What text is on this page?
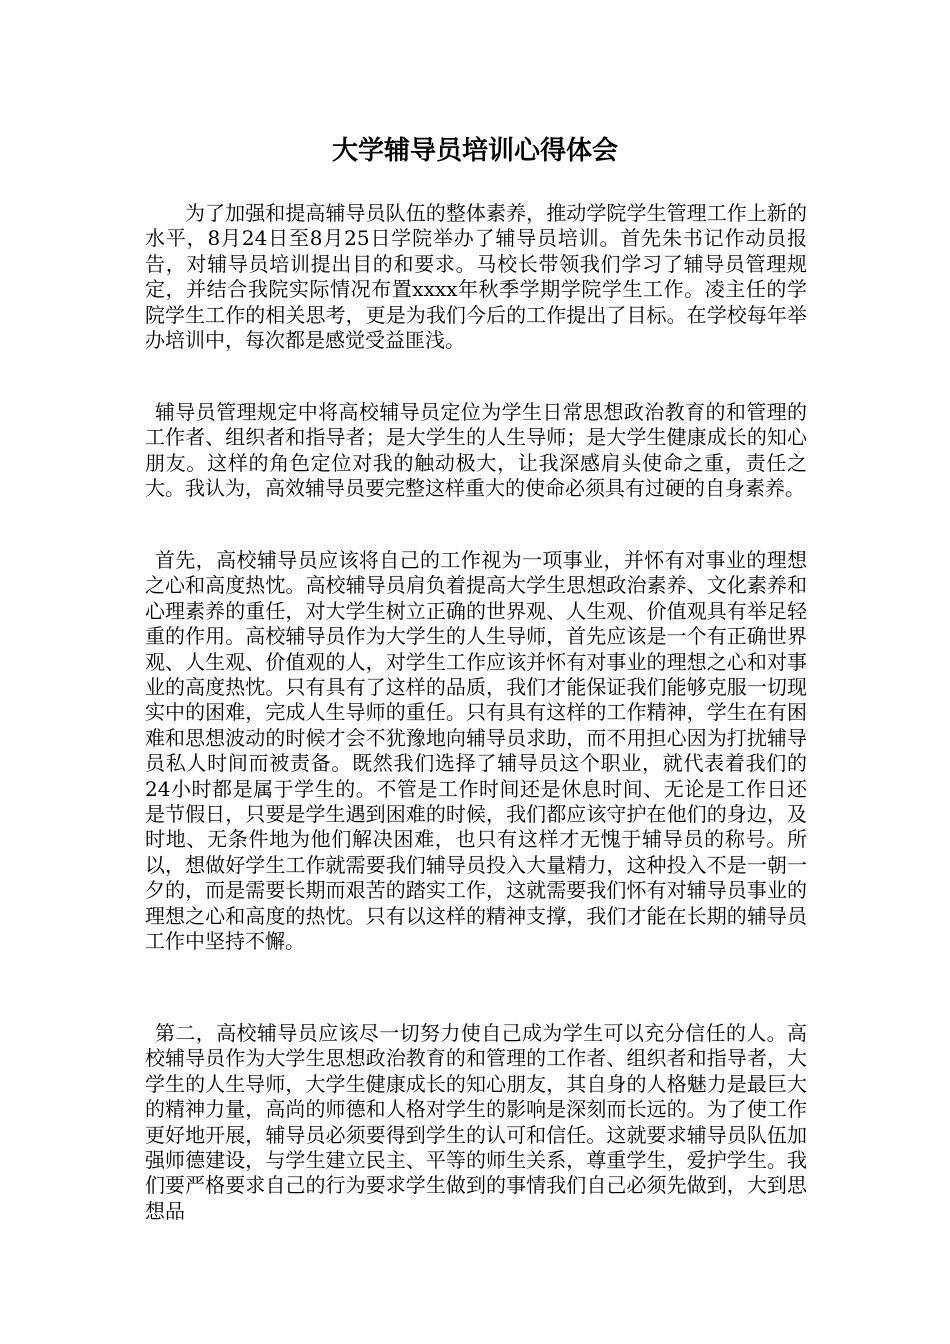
大学辅导员培训心得体会

为了加强和提高辅导员队伍的整体素养，推动学院学生管理工作上新的水平，8月24日至8月25日学院举办了辅导员培训。首先朱书记作动员报告，对辅导员培训提出目的和要求。马校长带领我们学习了辅导员管理规定，并结合我院实际情况布置xxxx年秋季学期学院学生工作。凌主任的学院学生工作的相关思考，更是为我们今后的工作提出了目标。在学校每年举办培训中，每次都是感觉受益匪浅。

辅导员管理规定中将高校辅导员定位为学生日常思想政治教育的和管理的工作者、组织者和指导者；是大学生的人生导师；是大学生健康成长的知心朋友。这样的角色定位对我的触动极大，让我深感肩头使命之重，责任之大。我认为，高效辅导员要完整这样重大的使命必须具有过硬的自身素养。

首先，高校辅导员应该将自己的工作视为一项事业，并怀有对事业的理想之心和高度热忱。高校辅导员肩负着提高大学生思想政治素养、文化素养和心理素养的重任，对大学生树立正确的世界观、人生观、价值观具有举足轻重的作用。高校辅导员作为大学生的人生导师，首先应该是一个有正确世界观、人生观、价值观的人，对学生工作应该并怀有对事业的理想之心和对事业的高度热忱。只有具有了这样的品质，我们才能保证我们能够克服一切现实中的困难，完成人生导师的重任。只有具有这样的工作精神，学生在有困难和思想波动的时候才会不犹豫地向辅导员求助，而不用担心因为打扰辅导员私人时间而被责备。既然我们选择了辅导员这个职业，就代表着我们的24小时都是属于学生的。不管是工作时间还是休息时间、无论是工作日还是节假日，只要是学生遇到困难的时候，我们都应该守护在他们的身边，及时地、无条件地为他们解决困难，也只有这样才无愧于辅导员的称号。所以，想做好学生工作就需要我们辅导员投入大量精力，这种投入不是一朝一夕的，而是需要长期而艰苦的踏实工作，这就需要我们怀有对辅导员事业的理想之心和高度的热忱。只有以这样的精神支撑，我们才能在长期的辅导员工作中坚持不懈。

第二，高校辅导员应该尽一切努力使自己成为学生可以充分信任的人。高校辅导员作为大学生思想政治教育的和管理的工作者、组织者和指导者，大学生的人生导师，大学生健康成长的知心朋友，其自身的人格魅力是最巨大的精神力量，高尚的师德和人格对学生的影响是深刻而长远的。为了使工作更好地开展，辅导员必须要得到学生的认可和信任。这就要求辅导员队伍加强师德建设，与学生建立民主、平等的师生关系，尊重学生，爱护学生。我们要严格要求自己的行为要求学生做到的事情我们自己必须先做到，大到思想品
